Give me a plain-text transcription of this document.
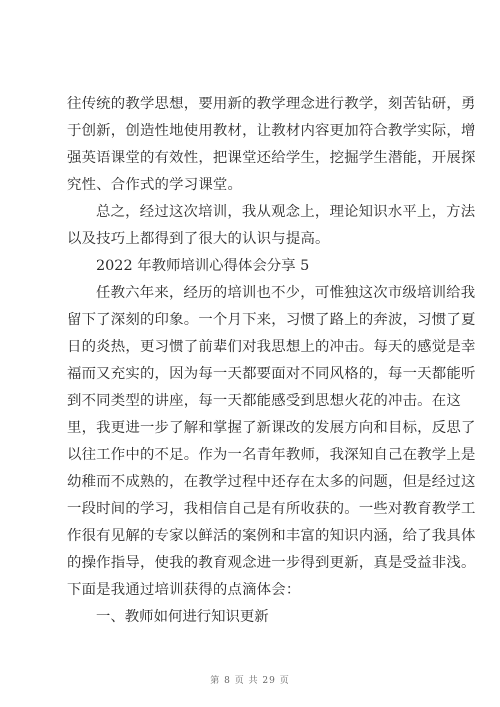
往传统的教学思想，要用新的教学理念进行教学，刻苦钻研，勇
于创新，创造性地使用教材，让教材内容更加符合教学实际，增
强英语课堂的有效性，把课堂还给学生，挖掘学生潜能，开展探
究性、合作式的学习课堂。
总之，经过这次培训，我从观念上，理论知识水平上，方法
以及技巧上都得到了很大的认识与提高。
2022 年教师培训心得体会分享 5
任教六年来，经历的培训也不少，可惟独这次市级培训给我
留下了深刻的印象。一个月下来，习惯了路上的奔波，习惯了夏
日的炎热，更习惯了前辈们对我思想上的冲击。每天的感觉是幸
福而又充实的，因为每一天都要面对不同风格的，每一天都能听
到不同类型的讲座，每一天都能感受到思想火花的冲击。在这
里，我更进一步了解和掌握了新课改的发展方向和目标，反思了
以往工作中的不足。作为一名青年教师，我深知自己在教学上是
幼稚而不成熟的，在教学过程中还存在太多的问题，但是经过这
一段时间的学习，我相信自己是有所收获的。一些对教育教学工
作很有见解的专家以鲜活的案例和丰富的知识内涵，给了我具体
的操作指导，使我的教育观念进一步得到更新，真是受益非浅。
下面是我通过培训获得的点滴体会：
一、教师如何进行知识更新
第 8 页 共 29 页
